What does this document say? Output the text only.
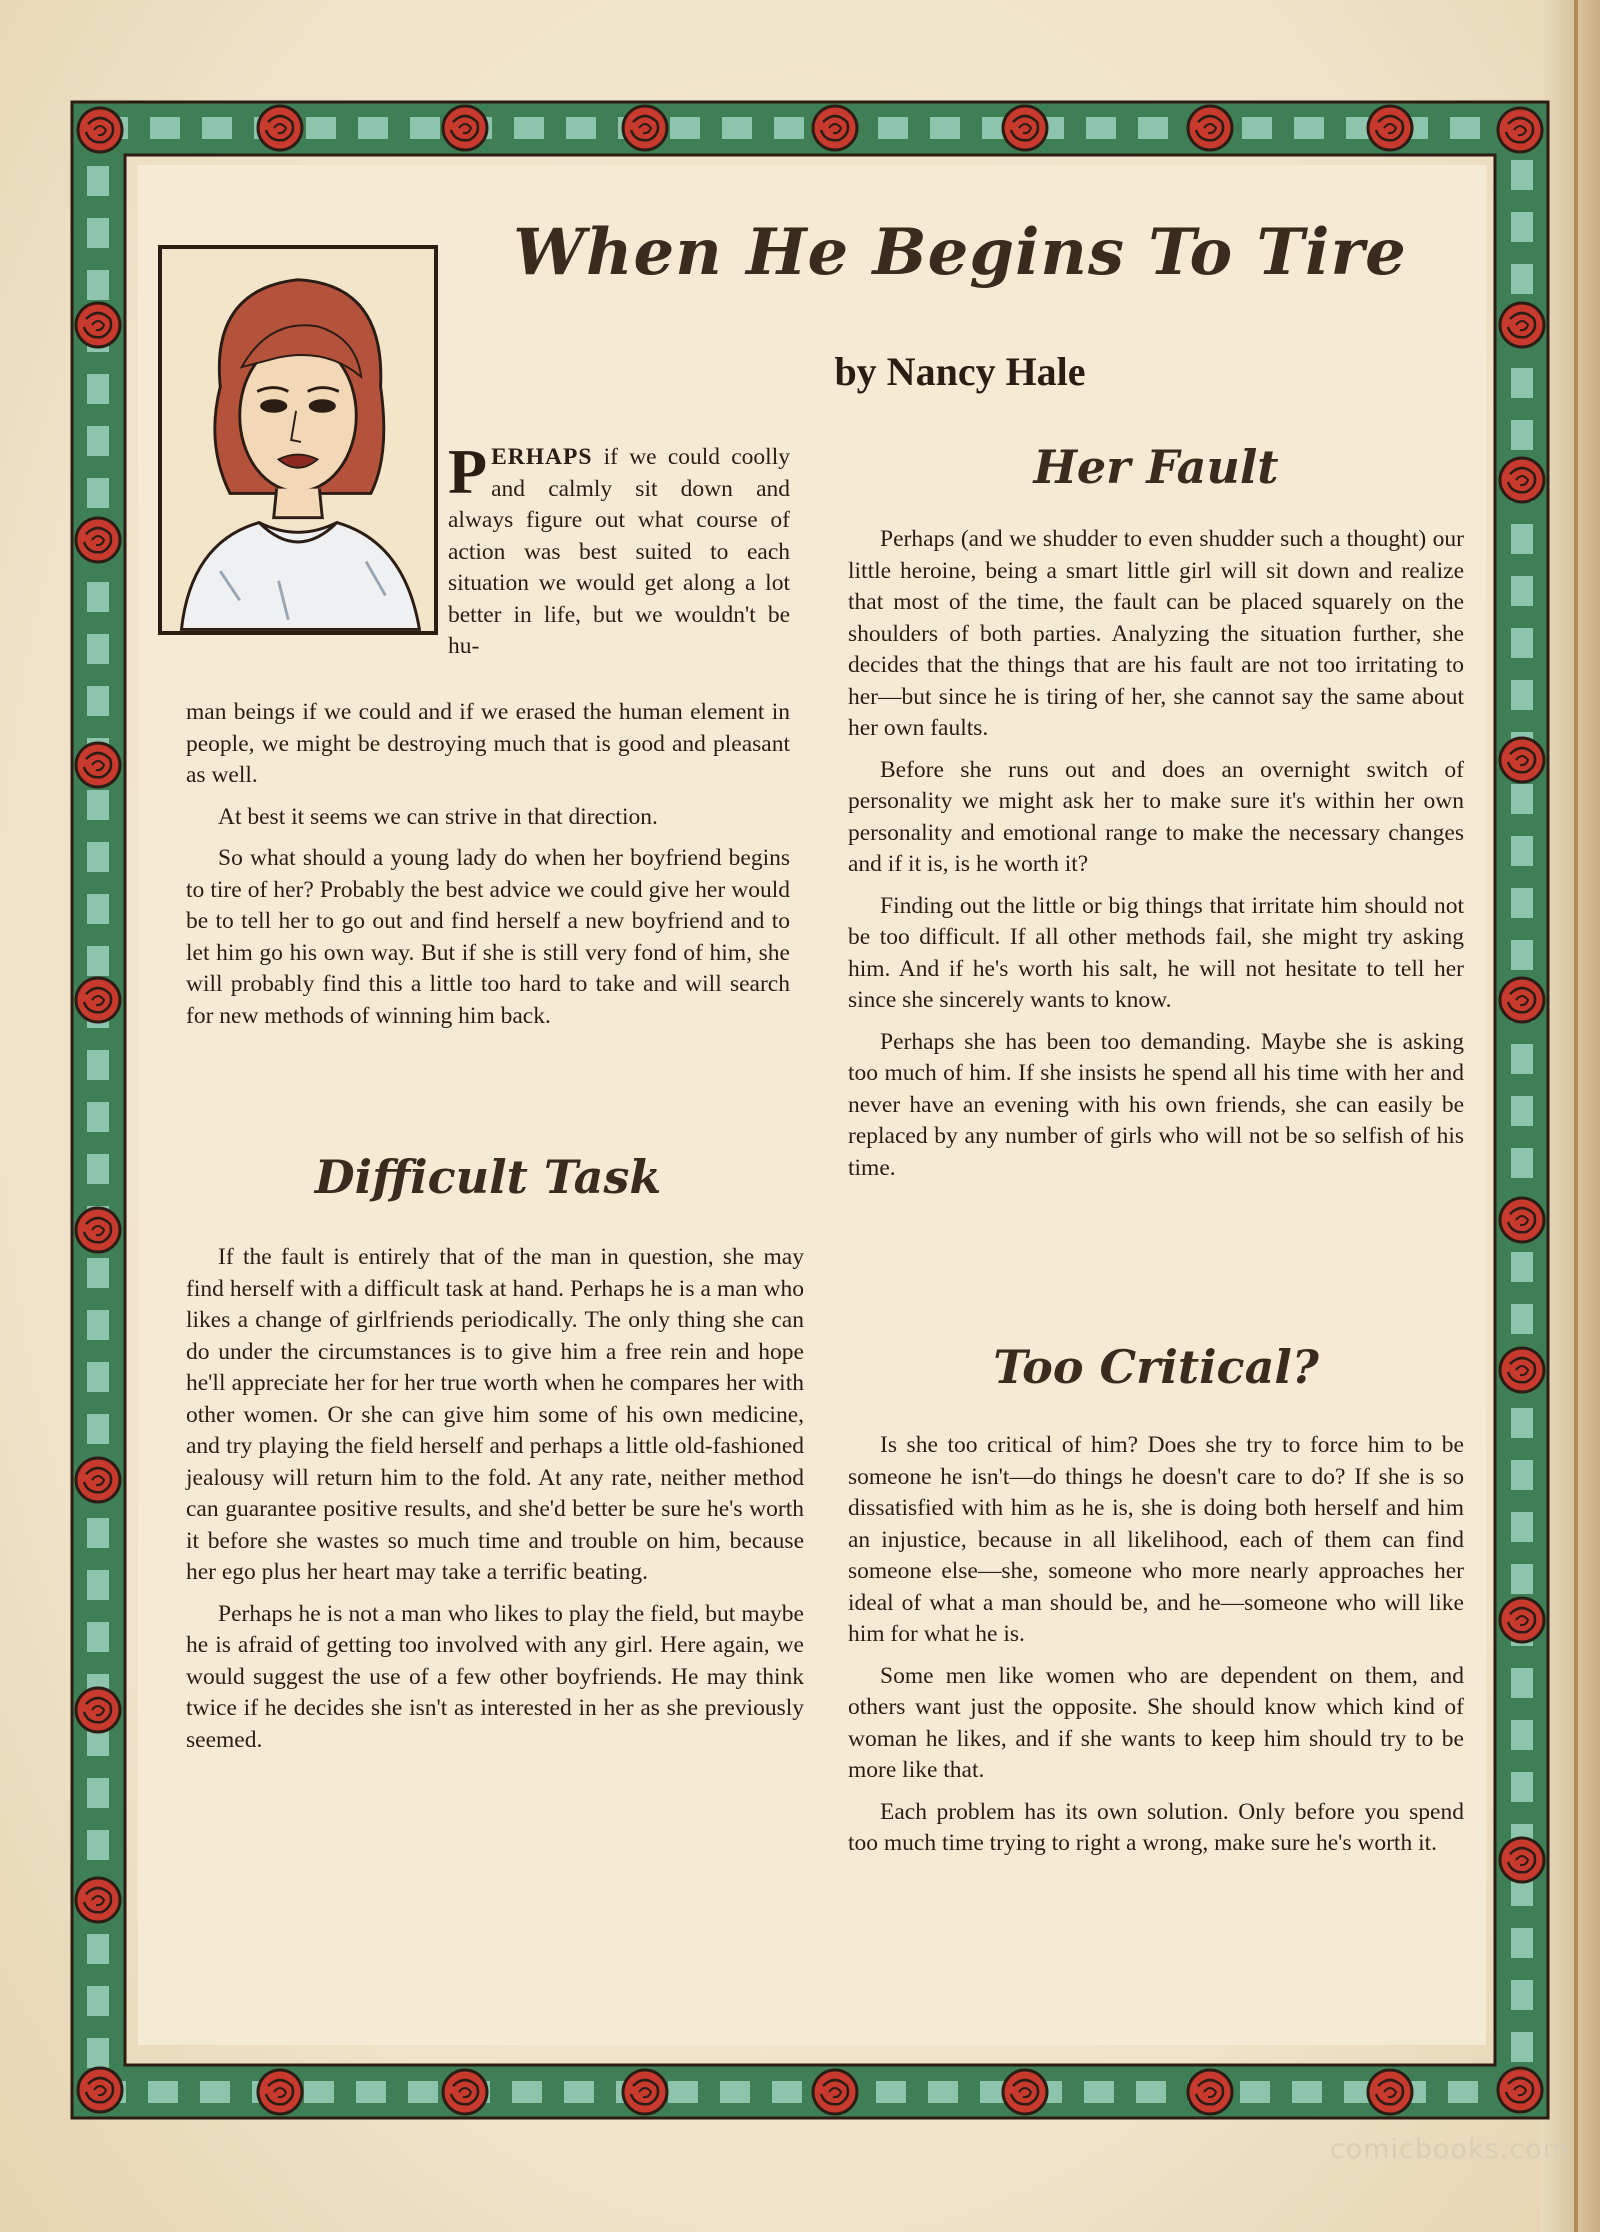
When He Begins To Tire
by Nancy Hale

PERHAPS if we could coolly and calmly sit down and always figure out what course of action was best suited to each situation we would get along a lot better in life, but we wouldn't be hu-

man beings if we could and if we erased the human element in people, we might be destroying much that is good and pleasant as well.

At best it seems we can strive in that direction.

So what should a young lady do when her boyfriend begins to tire of her? Probably the best advice we could give her would be to tell her to go out and find herself a new boyfriend and to let him go his own way. But if she is still very fond of him, she will probably find this a little too hard to take and will search for new methods of winning him back.

Difficult Task

If the fault is entirely that of the man in question, she may find herself with a difficult task at hand. Perhaps he is a man who likes a change of girlfriends periodically. The only thing she can do under the circumstances is to give him a free rein and hope he'll appreciate her for her true worth when he compares her with other women. Or she can give him some of his own medicine, and try playing the field herself and perhaps a little old-fashioned jealousy will return him to the fold. At any rate, neither method can guarantee positive results, and she'd better be sure he's worth it before she wastes so much time and trouble on him, because her ego plus her heart may take a terrific beating.

Perhaps he is not a man who likes to play the field, but maybe he is afraid of getting too involved with any girl. Here again, we would suggest the use of a few other boyfriends. He may think twice if he decides she isn't as interested in her as she previously seemed.

Her Fault

Perhaps (and we shudder to even shudder such a thought) our little heroine, being a smart little girl will sit down and realize that most of the time, the fault can be placed squarely on the shoulders of both parties. Analyzing the situation further, she decides that the things that are his fault are not too irritating to her—but since he is tiring of her, she cannot say the same about her own faults.

Before she runs out and does an overnight switch of personality we might ask her to make sure it's within her own personality and emotional range to make the necessary changes and if it is, is he worth it?

Finding out the little or big things that irritate him should not be too difficult. If all other methods fail, she might try asking him. And if he's worth his salt, he will not hesitate to tell her since she sincerely wants to know.

Perhaps she has been too demanding. Maybe she is asking too much of him. If she insists he spend all his time with her and never have an evening with his own friends, she can easily be replaced by any number of girls who will not be so selfish of his time.

Too Critical?

Is she too critical of him? Does she try to force him to be someone he isn't—do things he doesn't care to do? If she is so dissatisfied with him as he is, she is doing both herself and him an injustice, because in all likelihood, each of them can find someone else—she, someone who more nearly approaches her ideal of what a man should be, and he—someone who will like him for what he is.

Some men like women who are dependent on them, and others want just the opposite. She should know which kind of woman he likes, and if she wants to keep him should try to be more like that.

Each problem has its own solution. Only before you spend too much time trying to right a wrong, make sure he's worth it.

comicbooks.com
